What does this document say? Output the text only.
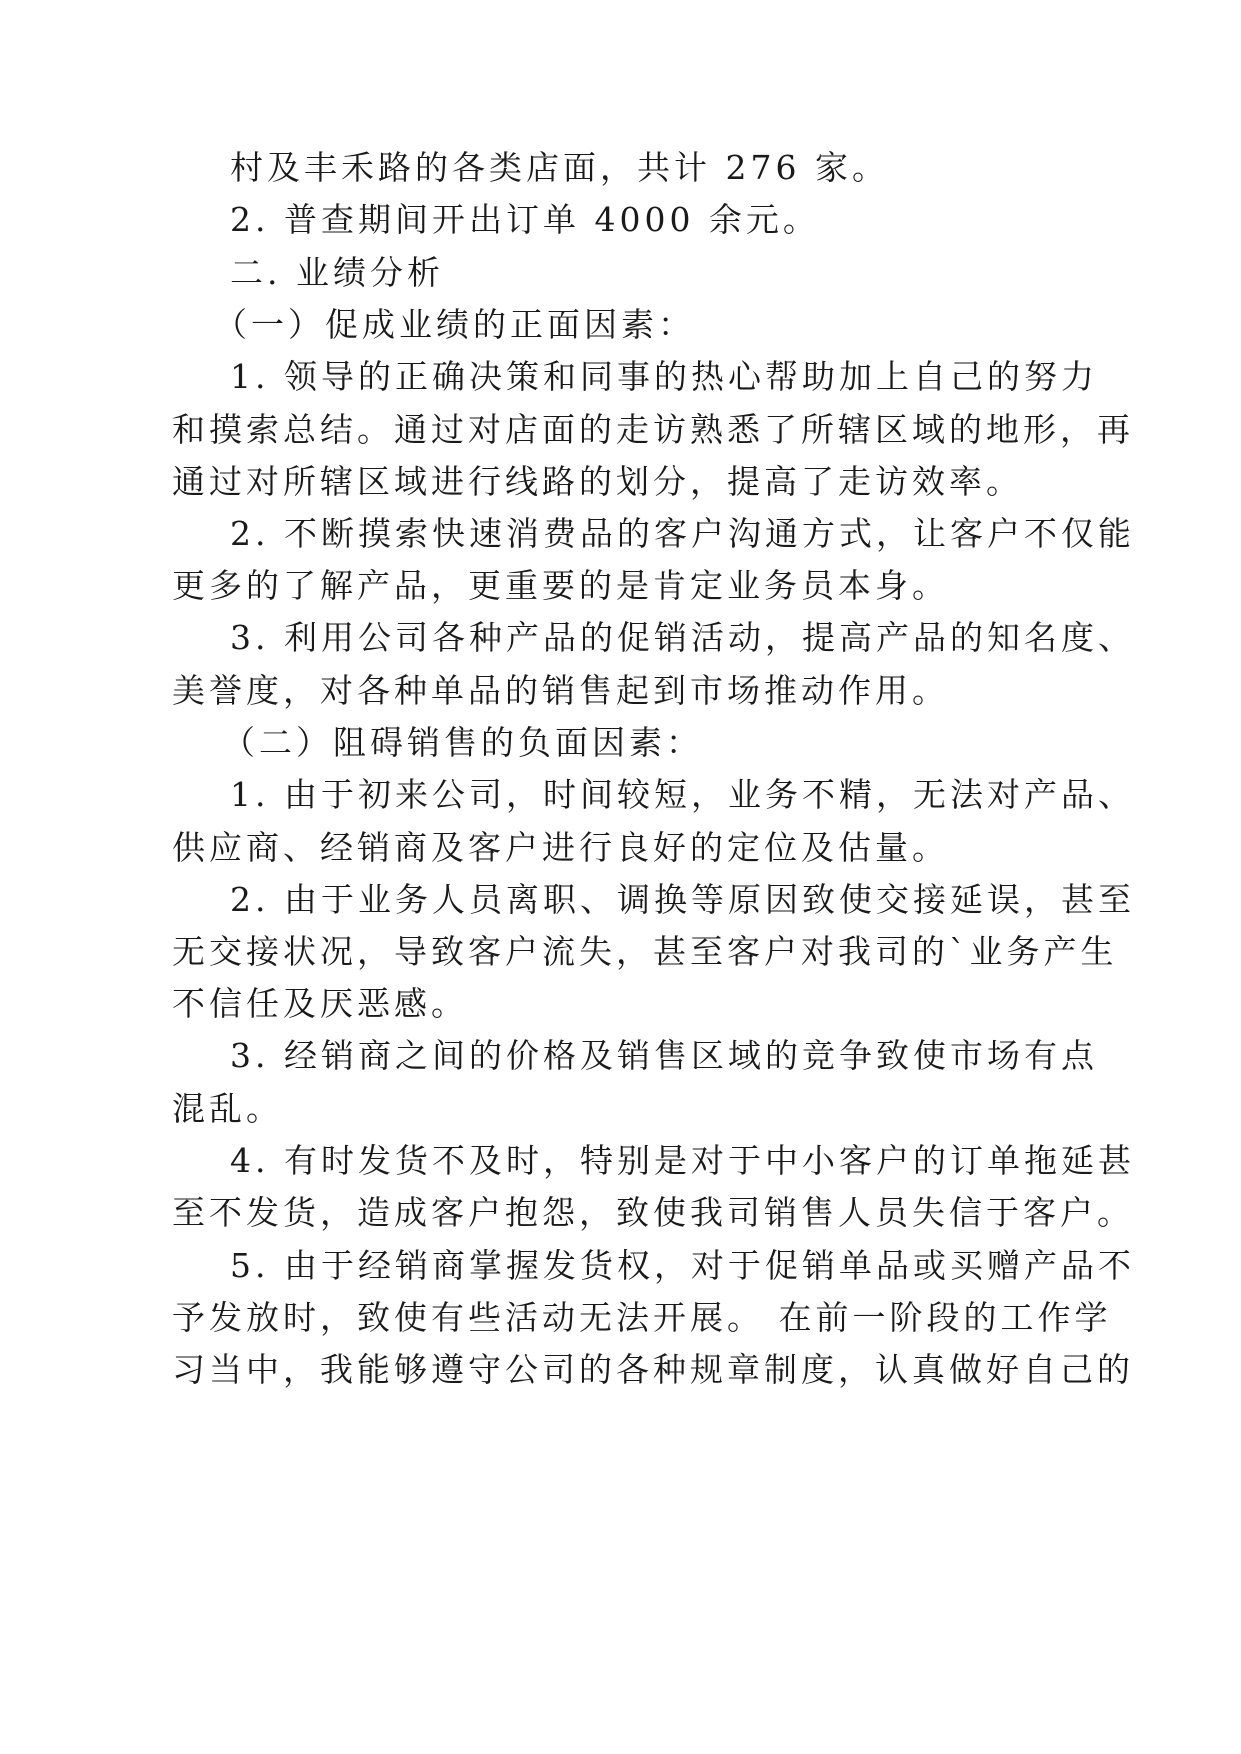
村及丰禾路的各类店面，共计 276 家。
2. 普查期间开出订单 4000 余元。
二. 业绩分析
（一）促成业绩的正面因素：
1. 领导的正确决策和同事的热心帮助加上自己的努力
和摸索总结。通过对店面的走访熟悉了所辖区域的地形，再
通过对所辖区域进行线路的划分，提高了走访效率。
2. 不断摸索快速消费品的客户沟通方式，让客户不仅能
更多的了解产品，更重要的是肯定业务员本身。
3. 利用公司各种产品的促销活动，提高产品的知名度、
美誉度，对各种单品的销售起到市场推动作用。
（二）阻碍销售的负面因素：
1. 由于初来公司，时间较短，业务不精，无法对产品、
供应商、经销商及客户进行良好的定位及估量。
2. 由于业务人员离职、调换等原因致使交接延误，甚至
无交接状况，导致客户流失，甚至客户对我司的`业务产生
不信任及厌恶感。
3. 经销商之间的价格及销售区域的竞争致使市场有点
混乱。
4. 有时发货不及时，特别是对于中小客户的订单拖延甚
至不发货，造成客户抱怨，致使我司销售人员失信于客户。
5. 由于经销商掌握发货权，对于促销单品或买赠产品不
予发放时，致使有些活动无法开展。 在前一阶段的工作学
习当中，我能够遵守公司的各种规章制度，认真做好自己的
